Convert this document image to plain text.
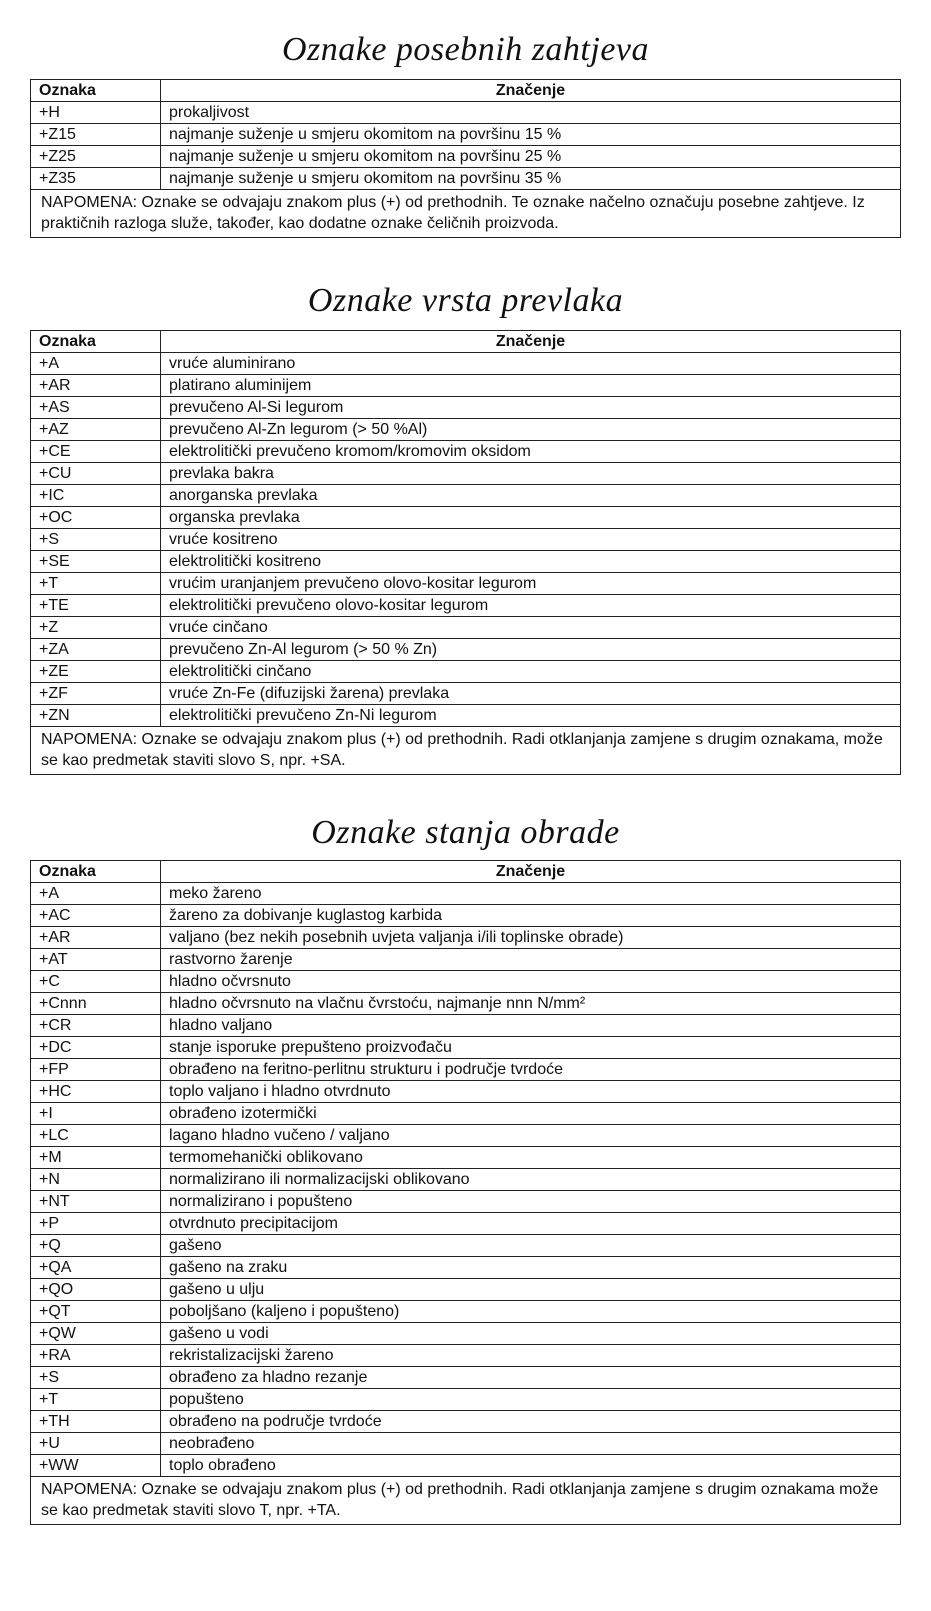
Oznake posebnih zahtjeva
Oznaka	Značenje
+H	prokaljivost
+Z15	najmanje suženje u smjeru okomitom na površinu 15 %
+Z25	najmanje suženje u smjeru okomitom na površinu 25 %
+Z35	najmanje suženje u smjeru okomitom na površinu 35 %
NAPOMENA: Oznake se odvajaju znakom plus (+) od prethodnih. Te oznake načelno označuju posebne zahtjeve. Iz praktičnih razloga služe, također, kao dodatne oznake čeličnih proizvoda.	
Oznake vrsta prevlaka
Oznaka	Značenje
+A	vruće aluminirano
+AR	platirano aluminijem
+AS	prevučeno Al-Si legurom
+AZ	prevučeno Al-Zn legurom (> 50 %Al)
+CE	elektrolitički prevučeno kromom/kromovim oksidom
+CU	prevlaka bakra
+IC	anorganska prevlaka
+OC	organska prevlaka
+S	vruće kositreno
+SE	elektrolitički kositreno
+T	vrućim uranjanjem prevučeno olovo-kositar legurom
+TE	elektrolitički prevučeno olovo-kositar legurom
+Z	vruće cinčano
+ZA	prevučeno Zn-Al legurom (> 50 % Zn)
+ZE	elektrolitički cinčano
+ZF	vruće Zn-Fe (difuzijski žarena) prevlaka
+ZN	elektrolitički prevučeno Zn-Ni legurom
NAPOMENA: Oznake se odvajaju znakom plus (+) od prethodnih. Radi otklanjanja zamjene s drugim oznakama, može se kao predmetak staviti slovo S, npr. +SA.	
Oznake stanja obrade
Oznaka	Značenje
+A	meko žareno
+AC	žareno za dobivanje kuglastog karbida
+AR	valjano (bez nekih posebnih uvjeta valjanja i/ili toplinske obrade)
+AT	rastvorno žarenje
+C	hladno očvrsnuto
+Cnnn	hladno očvrsnuto na vlačnu čvrstoću, najmanje nnn N/mm²
+CR	hladno valjano
+DC	stanje isporuke prepušteno proizvođaču
+FP	obrađeno na feritno-perlitnu strukturu i područje tvrdoće
+HC	toplo valjano i hladno otvrdnuto
+I	obrađeno izotermički
+LC	lagano hladno vučeno / valjano
+M	termomehanički oblikovano
+N	normalizirano ili normalizacijski oblikovano
+NT	normalizirano i popušteno
+P	otvrdnuto precipitacijom
+Q	gašeno
+QA	gašeno na zraku
+QO	gašeno u ulju
+QT	poboljšano (kaljeno i popušteno)
+QW	gašeno u vodi
+RA	rekristalizacijski žareno
+S	obrađeno za hladno rezanje
+T	popušteno
+TH	obrađeno na područje tvrdoće
+U	neobrađeno
+WW	toplo obrađeno
NAPOMENA: Oznake se odvajaju znakom plus (+) od prethodnih. Radi otklanjanja zamjene s drugim oznakama može se kao predmetak staviti slovo T, npr. +TA.	
